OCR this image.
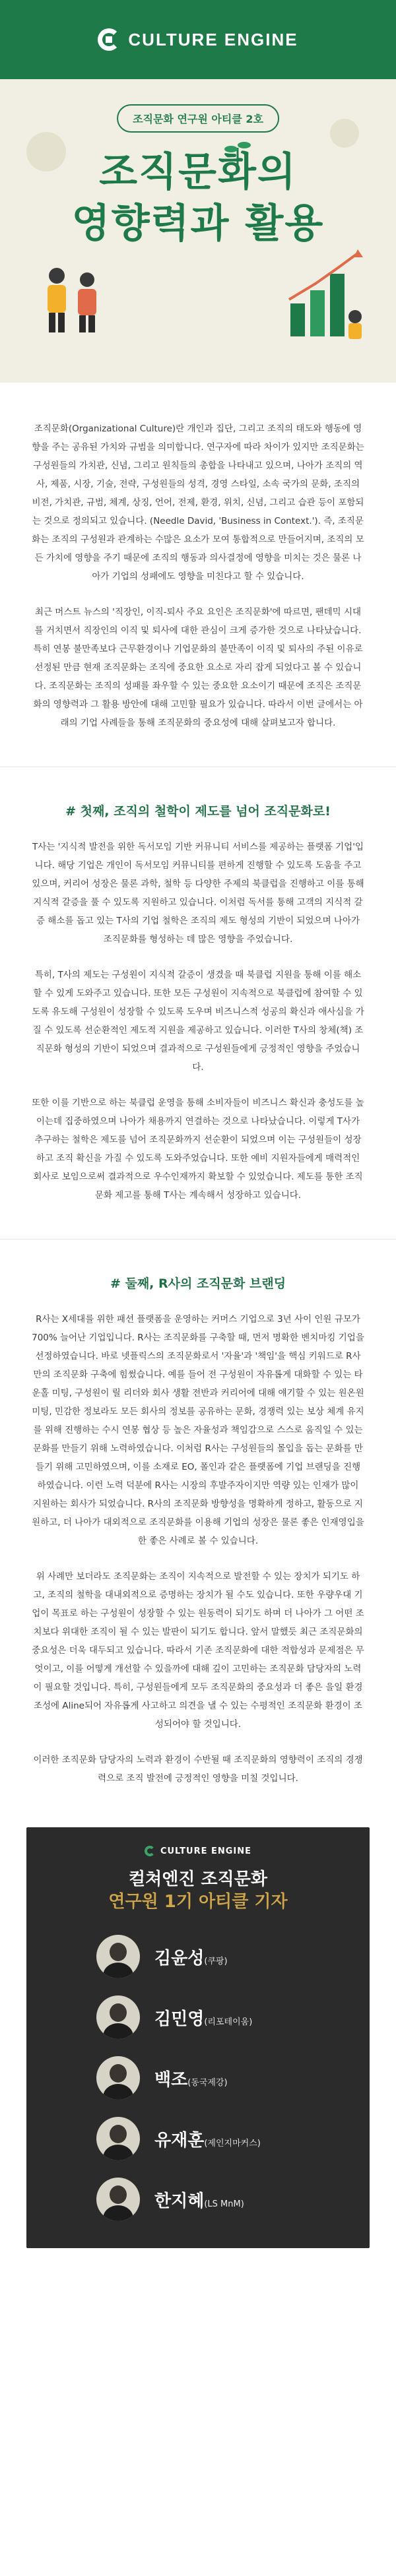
CULTURE ENGINE
조직문화 연구원 아티클 2호
조직문화의
영향력과 활용

조직문화(Organizational Culture)란 개인과 집단, 그리고 조직의 태도와 행동에 영향을 주는 공유된 가치와 규범을 의미합니다. 연구자에 따라 차이가 있지만 조직문화는 구성원들의 가치관, 신념, 그리고 원칙들의 총합을 나타내고 있으며, 나아가 조직의 역사, 제품, 시장, 기술, 전략, 구성원들의 성격, 경영 스타일, 소속 국가의 문화, 조직의 비전, 가치관, 규범, 체계, 상징, 언어, 전제, 환경, 위치, 신념, 그리고 습관 등이 포함되는 것으로 정의되고 있습니다. (Needle David, 'Business in Context.'). 즉, 조직문화는 조직의 구성원과 관계하는 수많은 요소가 모여 통합적으로 만들어지며, 조직의 모든 가치에 영향을 주기 때문에 조직의 행동과 의사결정에 영향을 미치는 것은 물론 나아가 기업의 성패에도 영향을 미친다고 할 수 있습니다.

최근 머스트 뉴스의 '직장인, 이직-퇴사 주요 요인은 조직문화'에 따르면, 팬데믹 시대를 거치면서 직장인의 이직 및 퇴사에 대한 관심이 크게 증가한 것으로 나타났습니다. 특히 연봉 불만족보다 근무환경이나 기업문화의 불만족이 이직 및 퇴사의 주된 이유로 선정된 만큼 현재 조직문화는 조직에 중요한 요소로 자리 잡게 되었다고 볼 수 있습니다. 조직문화는 조직의 성패를 좌우할 수 있는 중요한 요소이기 때문에 조직은 조직문화의 영향력과 그 활용 방안에 대해 고민할 필요가 있습니다. 따라서 이번 글에서는 아래의 기업 사례들을 통해 조직문화의 중요성에 대해 살펴보고자 합니다.

# 첫째, 조직의 철학이 제도를 넘어 조직문화로!

T사는 '지식적 발전을 위한 독서모임 기반 커뮤니티 서비스를 제공하는 플랫폼 기업'입니다. 해당 기업은 개인이 독서모임 커뮤니티를 편하게 진행할 수 있도록 도움을 주고 있으며, 커리어 성장은 물론 과학, 철학 등 다양한 주제의 북클럽을 진행하고 이를 통해 지식적 갈증을 풀 수 있도록 지원하고 있습니다. 이처럼 독서를 통해 고객의 지식적 갈증 해소를 돕고 있는 T사의 기업 철학은 조직의 제도 형성의 기반이 되었으며 나아가 조직문화를 형성하는 데 많은 영향을 주었습니다.

특히, T사의 제도는 구성원이 지식적 갈증이 생겼을 때 북클럽 지원을 통해 이를 해소할 수 있게 도와주고 있습니다. 또한 모든 구성원이 지속적으로 북클럽에 참여할 수 있도록 유도해 구성원이 성장할 수 있도록 도우며 비즈니스적 성공의 확신과 애사심을 가질 수 있도록 선순환적인 제도적 지원을 제공하고 있습니다. 이러한 T사의 창체(책) 조직문화 형성의 기반이 되었으며 결과적으로 구성원들에게 긍정적인 영향을 주었습니다.

또한 이를 기반으로 하는 북클럽 운영을 통해 소비자들이 비즈니스 확신과 충성도를 높이는데 집중하였으며 나아가 채용까지 연결하는 것으로 나타났습니다. 이렇게 T사가 추구하는 철학은 제도를 넘어 조직문화까지 선순환이 되었으며 이는 구성원들이 성장하고 조직 확신을 가질 수 있도록 도와주었습니다. 또한 예비 지원자들에게 매력적인 회사로 보임으로써 결과적으로 우수인재까지 확보할 수 있었습니다. 제도를 통한 조직문화 제고를 통해 T사는 계속해서 성장하고 있습니다.

# 둘째, R사의 조직문화 브랜딩

R사는 X세대를 위한 패션 플랫폼을 운영하는 커머스 기업으로 3년 사이 인원 규모가 700% 늘어난 기업입니다. R사는 조직문화를 구축할 때, 먼저 명확한 벤치마킹 기업을 선정하였습니다. 바로 넷플릭스의 조직문화로서 '자율'과 '책임'을 핵심 키워드로 R사 만의 조직문화 구축에 힘썼습니다. 예를 들어 전 구성원이 자유롭게 대화할 수 있는 타운홀 미팅, 구성원이 릴 리더와 회사 생활 전반과 커리어에 대해 얘기할 수 있는 원온원 미팅, 민감한 정보라도 모든 회사의 정보를 공유하는 문화, 경쟁력 있는 보상 체계 유지를 위해 진행하는 수시 연봉 협상 등 높은 자율성과 책임감으로 스스로 움직일 수 있는 문화를 만들기 위해 노력하였습니다. 이처럼 R사는 구성원들의 몰입을 돕는 문화를 만들기 위해 고민하였으며, 이를 소재로 EO, 폴인과 같은 플랫폼에 기업 브랜딩을 진행하였습니다. 이런 노력 덕분에 R사는 시장의 후발주자이지만 역량 있는 인재가 많이 지원하는 회사가 되었습니다. R사의 조직문화 방향성을 명확하게 정하고, 활동으로 지원하고, 더 나아가 대외적으로 조직문화를 이용해 기업의 성장은 물론 좋은 인재영입을 한 좋은 사례로 볼 수 있습니다.

위 사례만 보더라도 조직문화는 조직이 지속적으로 발전할 수 있는 장치가 되기도 하고, 조직의 철학을 대내외적으로 증명하는 장치가 될 수도 있습니다. 또한 우량우대 기업이 목표로 하는 구성원이 성장할 수 있는 원동력이 되기도 하며 더 나아가 그 어떤 조치보다 위대한 조직이 될 수 있는 발판이 되기도 합니다. 앞서 말했듯 최근 조직문화의 중요성은 더욱 대두되고 있습니다. 따라서 기존 조직문화에 대한 적합성과 문제점은 무엇이고, 이를 어떻게 개선할 수 있을까에 대해 깊이 고민하는 조직문화 담당자의 노력이 필요할 것입니다. 특히, 구성원들에게 모두 조직문화의 중요성과 더 좋은 을일 환경 조성에 Aline되어 자유롭게 사고하고 의견을 낼 수 있는 수평적인 조직문화 환경이 조성되어야 할 것입니다.

이러한 조직문화 담당자의 노력과 환경이 수반될 때 조직문화의 영향력이 조직의 경쟁력으로 조직 발전에 긍정적인 영향을 미칠 것입니다.

CULTURE ENGINE
컬쳐엔진 조직문화
연구원 1기 아티클 기자
김윤성(쿠팡)
김민영(리포테이움)
백조(동국제강)
유재훈(제인지마커스)
한지혜(LS MnM)
